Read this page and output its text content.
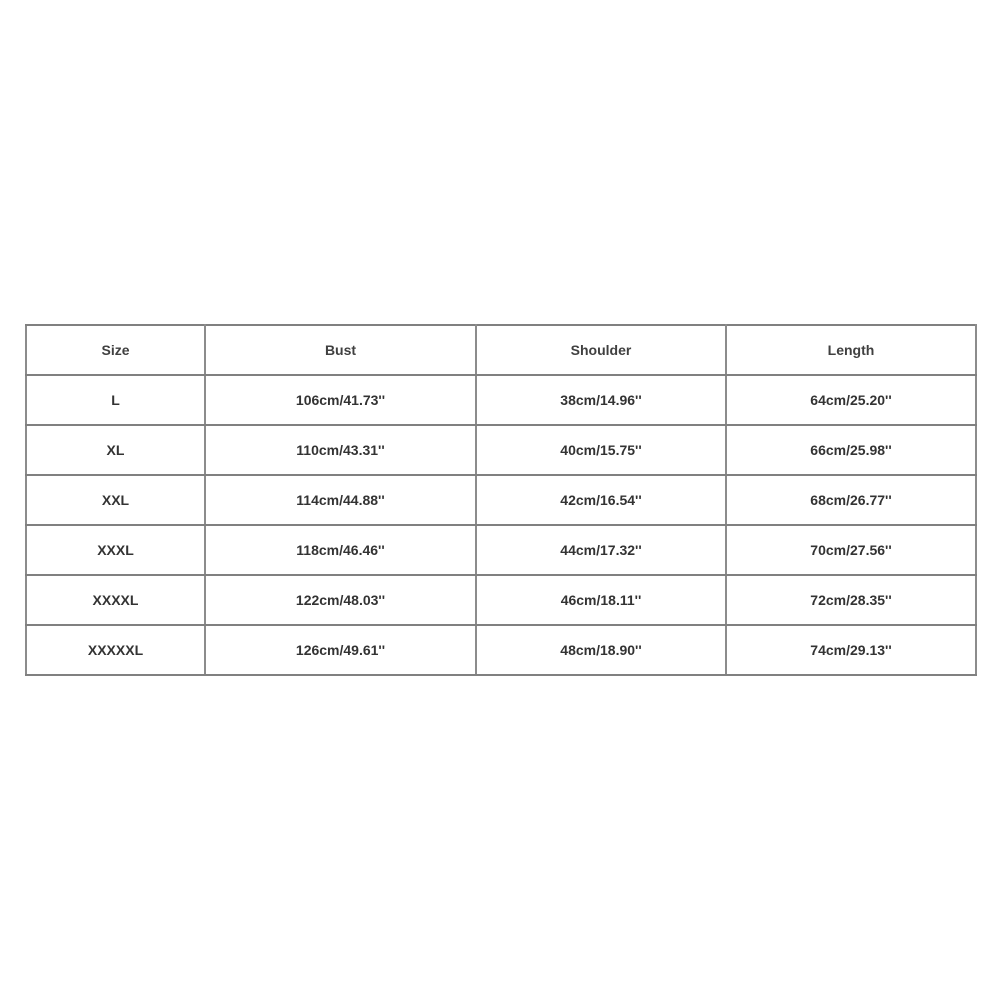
Size	Bust	Shoulder	Length
L	106cm/41.73''	38cm/14.96''	64cm/25.20''
XL	110cm/43.31''	40cm/15.75''	66cm/25.98''
XXL	114cm/44.88''	42cm/16.54''	68cm/26.77''
XXXL	118cm/46.46''	44cm/17.32''	70cm/27.56''
XXXXL	122cm/48.03''	46cm/18.11''	72cm/28.35''
XXXXXL	126cm/49.61''	48cm/18.90''	74cm/29.13''
